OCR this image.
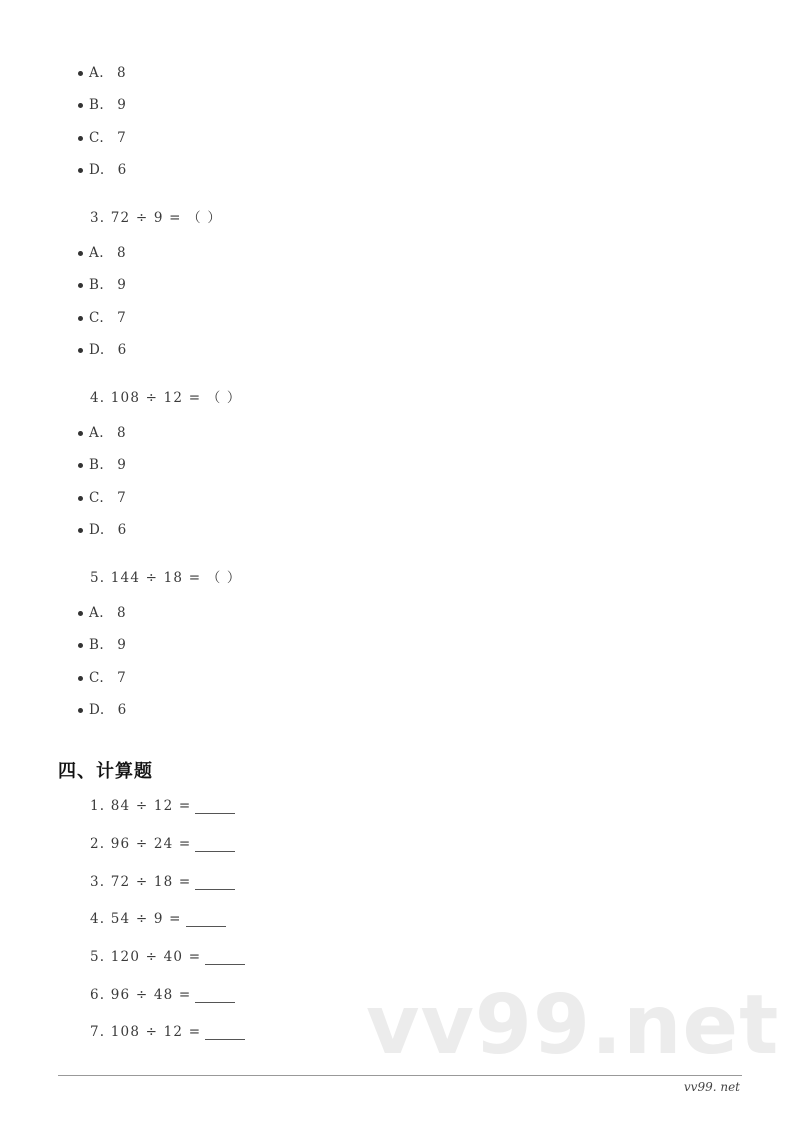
A. 8
B. 9
C. 7
D. 6
3. 72 ÷ 9 = （ ）
A. 8
B. 9
C. 7
D. 6
4. 108 ÷ 12 = （ ）
A. 8
B. 9
C. 7
D. 6
5. 144 ÷ 18 = （ ）
A. 8
B. 9
C. 7
D. 6
四、计算题
1. 84 ÷ 12 =
2. 96 ÷ 24 =
3. 72 ÷ 18 =
4. 54 ÷ 9 =
5. 120 ÷ 40 =
6. 96 ÷ 48 =
7. 108 ÷ 12 = vv99.net
vv99. net
